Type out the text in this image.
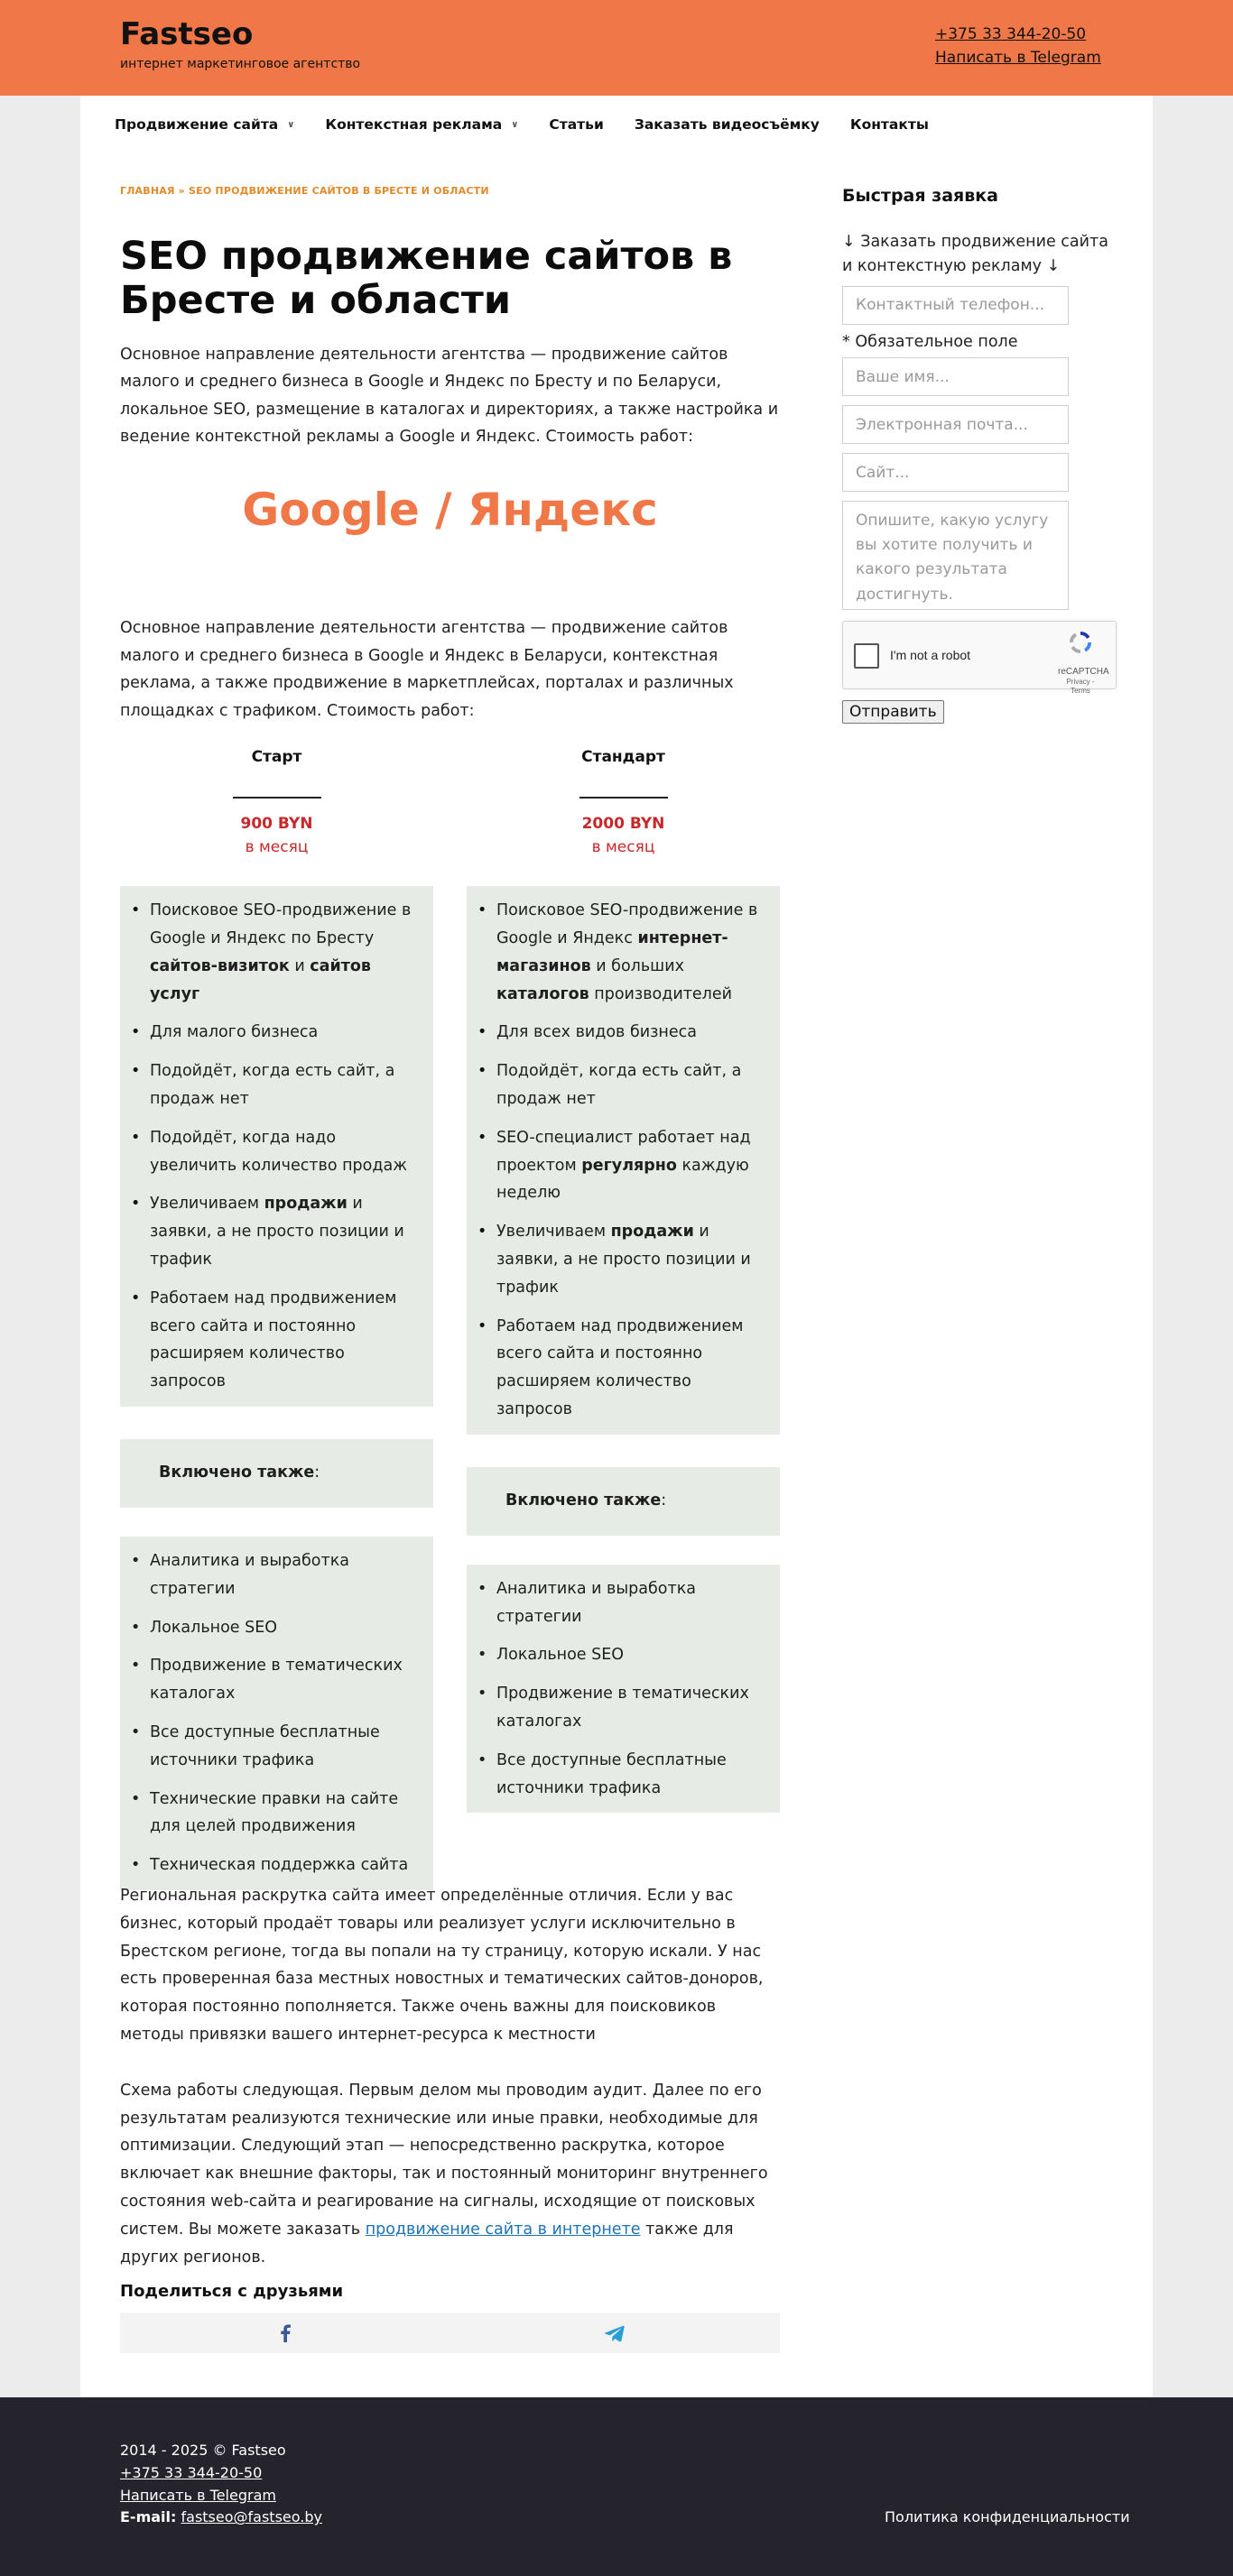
Fastseo
интернет маркетинговое агентство
+375 33 344-20-50
Написать в Telegram
Продвижение сайта ∨ Контекстная реклама ∨ Статьи Заказать видеосъёмку Контакты
ГЛАВНАЯ » SEO ПРОДВИЖЕНИЕ САЙТОВ В БРЕСТЕ И ОБЛАСТИ
SEO продвижение сайтов в Бресте и области

Основное направление деятельности агентства — продвижение сайтов малого и среднего бизнеса в Google и Яндекс по Бресту и по Беларуси, локальное SEO, размещение в каталогах и директориях, а также настройка и ведение контекстной рекламы а Google и Яндекс. Стоимость работ:

Google / Яндекс

Основное направление деятельности агентства — продвижение сайтов малого и среднего бизнеса в Google и Яндекс в Беларуси, контекстная реклама, а также продвижение в маркетплейсах, порталах и различных площадках с трафиком. Стоимость работ:

Старт
900 BYN
в месяц
• Поисковое SEO-продвижение в Google и Яндекс по Бресту сайтов-визиток и сайтов услуг
• Для малого бизнеса
• Подойдёт, когда есть сайт, а продаж нет
• Подойдёт, когда надо увеличить количество продаж
• Увеличиваем продажи и заявки, а не просто позиции и трафик
• Работаем над продвижением всего сайта и постоянно расширяем количество запросов
Включено также :
• Аналитика и выработка стратегии
• Локальное SEO
• Продвижение в тематических каталогах
• Все доступные бесплатные источники трафика
• Технические правки на сайте для целей продвижения
• Техническая поддержка сайта
Стандарт
2000 BYN
в месяц
• Поисковое SEO-продвижение в Google и Яндекс интернет-магазинов и больших каталогов производителей
• Для всех видов бизнеса
• Подойдёт, когда есть сайт, а продаж нет
• SEO-специалист работает над проектом регулярно каждую неделю
• Увеличиваем продажи и заявки, а не просто позиции и трафик
• Работаем над продвижением всего сайта и постоянно расширяем количество запросов
Включено также :
• Аналитика и выработка стратегии
• Локальное SEO
• Продвижение в тематических каталогах
• Все доступные бесплатные источники трафика

Региональная раскрутка сайта имеет определённые отличия. Если у вас бизнес, который продаёт товары или реализует услуги исключительно в Брестском регионе, тогда вы попали на ту страницу, которую искали. У нас есть проверенная база местных новостных и тематических сайтов-доноров, которая постоянно пополняется. Также очень важны для поисковиков методы привязки вашего интернет-ресурса к местности

Схема работы следующая. Первым делом мы проводим аудит. Далее по его результатам реализуются технические или иные правки, необходимые для оптимизации. Следующий этап — непосредственно раскрутка, которое включает как внешние факторы, так и постоянный мониторинг внутреннего состояния web-сайта и реагирование на сигналы, исходящие от поисковых систем. Вы можете заказать продвижение сайта в интернете также для других регионов.

Поделиться с друзьями
Быстрая заявка
↓ Заказать продвижение сайта и контекстную рекламу ↓
Контактный телефон...
* Обязательное поле
Ваше имя...
Электронная почта...
Сайт...
Опишите, какую услугу вы хотите получить и какого результата достигнуть.
I'm not a robot
reCAPTCHA
Privacy - Terms
Отправить
2014 - 2025 © Fastseo
+375 33 344-20-50
Написать в Telegram
E-mail: fastseo@fastseo.by	Политика конфиденциальности
